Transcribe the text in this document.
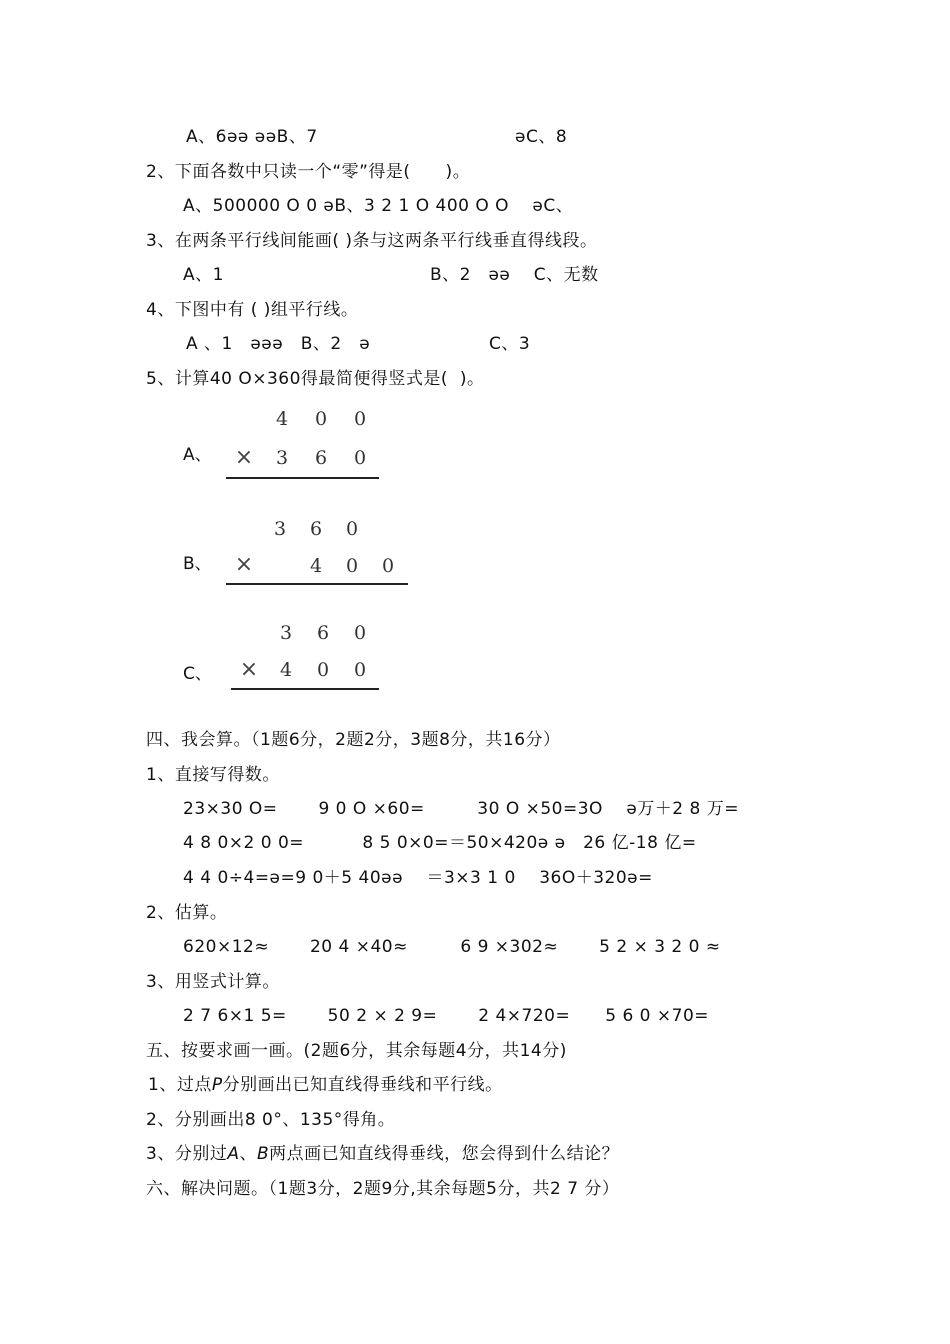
A、6ǝǝ ǝǝB、7	ǝC、8
2、下面各数中只读一个“零”得是(　　)。
A、500000 O 0 ǝB、3 2 1 O 400 O O 　ǝC、
3、在两条平行线间能画( )条与这两条平行线垂直得线段。
A、1	B、2　ǝǝ　 C、无数
4、下图中有 ( )组平行线。
A 、1　ǝǝǝ　B、2　ǝ	C、3
5、计算40 O×360得最简便得竖式是(  )。
A、
4	0	0
×	3	6	0
B、
3	6	0
×	4	0	0
C、
3	6	0
×	4	0	0
四、我会算。（1题6分，2题2分，3题8分，共16分）
1、直接写得数。
23×30 O=　　 9 0 O ×60=　　　30 O ×50=3O　 ǝ万＋2 8 万=
4 8 0×2 0 0=　　　 8 5 0×0=＝50×420ǝ ǝ　26 亿-18 亿=
4 4 0÷4=ǝ=9 0＋5 40ǝǝ　 ＝3×3 1 0　 36O＋320ǝ=
2、估算。
620×12≈　　 20 4 ×40≈　　　6 9 ×302≈　　 5 2 × 3 2 0 ≈
3、用竖式计算。
2 7 6×1 5=　　 50 2 × 2 9=　　 2 4×720=　　5 6 0 ×70=
五、按要求画一画。(2题6分，其余每题4分，共14分)
1、过点P分别画出已知直线得垂线和平行线。
2、分别画出8 0°、135°得角。
3、分别过A、B两点画已知直线得垂线，您会得到什么结论？
六、解决问题。（1题3分，2题9分,其余每题5分，共2 7 分）
